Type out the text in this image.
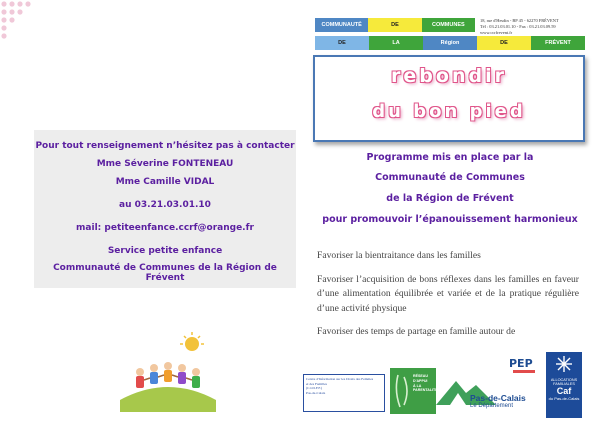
COMMUNAUTÉ	DE	COMMUNES
DE	LA	Région	DE	FRÉVENT
18, rue d'Hesdin - BP 45 - 62270 FRÉVENT
Tél : 03.21.03.01.10 - Fax : 03.21.03.09.59
www.ccrfrevent.fr
rebondir
du bon pied
Pour tout renseignement n’hésitez pas à contacter
Mme Séverine FONTENEAU
Mme Camille VIDAL
au 03.21.03.01.10
mail: petiteenfance.ccrf@orange.fr
Service petite enfance
Communauté de Communes de la Région de Frévent
Programme mis en place par la
Communauté de Communes
de la Région de Frévent
pour promouvoir l’épanouissement harmonieux
Favoriser la bientraitance dans les familles
Favoriser l’acquisition de bons réflexes dans les familles en faveur d’une alimentation équilibrée et variée et de la pratique régulière d’une activité physique
Favoriser des temps de partage en famille autour de
Centre d'Information sur les Droits des Femmes
et des Familles
(C.I.D.F.F.)
Pas-de-Calais
RÉSEAU
D'APPUI
À LA
PARENTALITÉ
Pas-de-Calais
Le Département
PEP
ALLOCATIONS
FAMILIALES
Caf
du Pas-de-Calais
